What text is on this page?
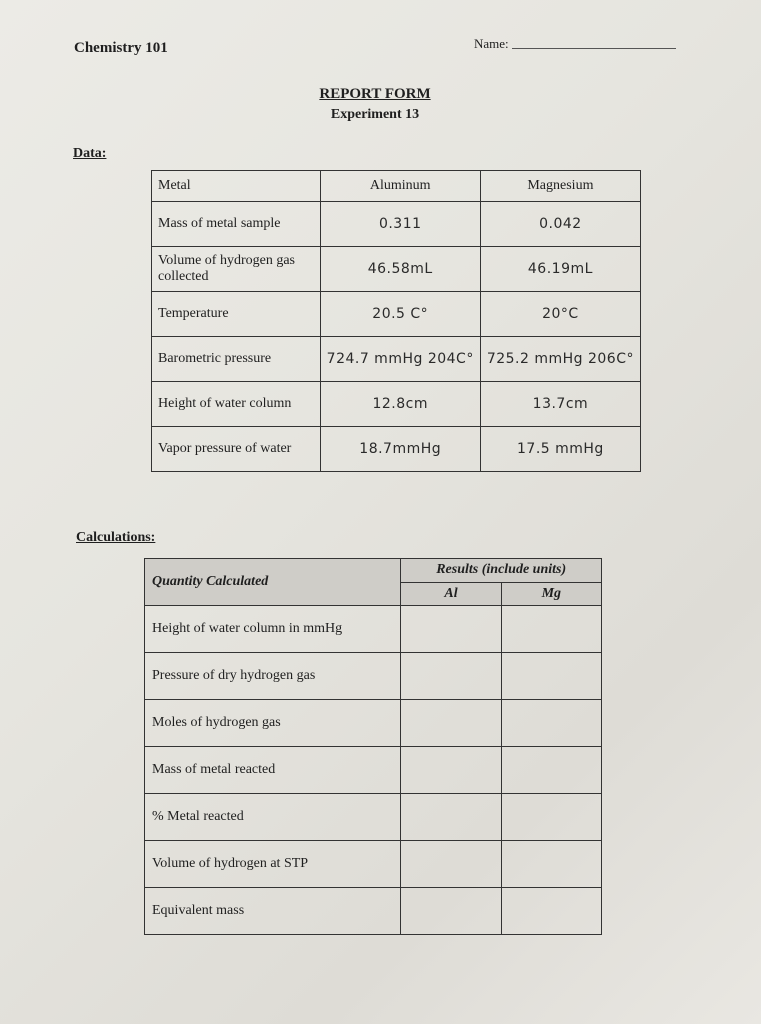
Chemistry 101	Name:
REPORT FORM
Experiment 13
Data:
Metal	Aluminum	Magnesium
Mass of metal sample	0.311	0.042
Volume of hydrogen gas collected	46.58mL	46.19mL
Temperature	20.5 C°	20°C
Barometric pressure	724.7 mmHg 204C°	725.2 mmHg 206C°
Height of water column	12.8cm	13.7cm
Vapor pressure of water	18.7mmHg	17.5 mmHg
Calculations:
Quantity Calculated	Results (include units)	
	Al	Mg
Height of water column in mmHg		
Pressure of dry hydrogen gas		
Moles of hydrogen gas		
Mass of metal reacted		
% Metal reacted		
Volume of hydrogen at STP		
Equivalent mass		
